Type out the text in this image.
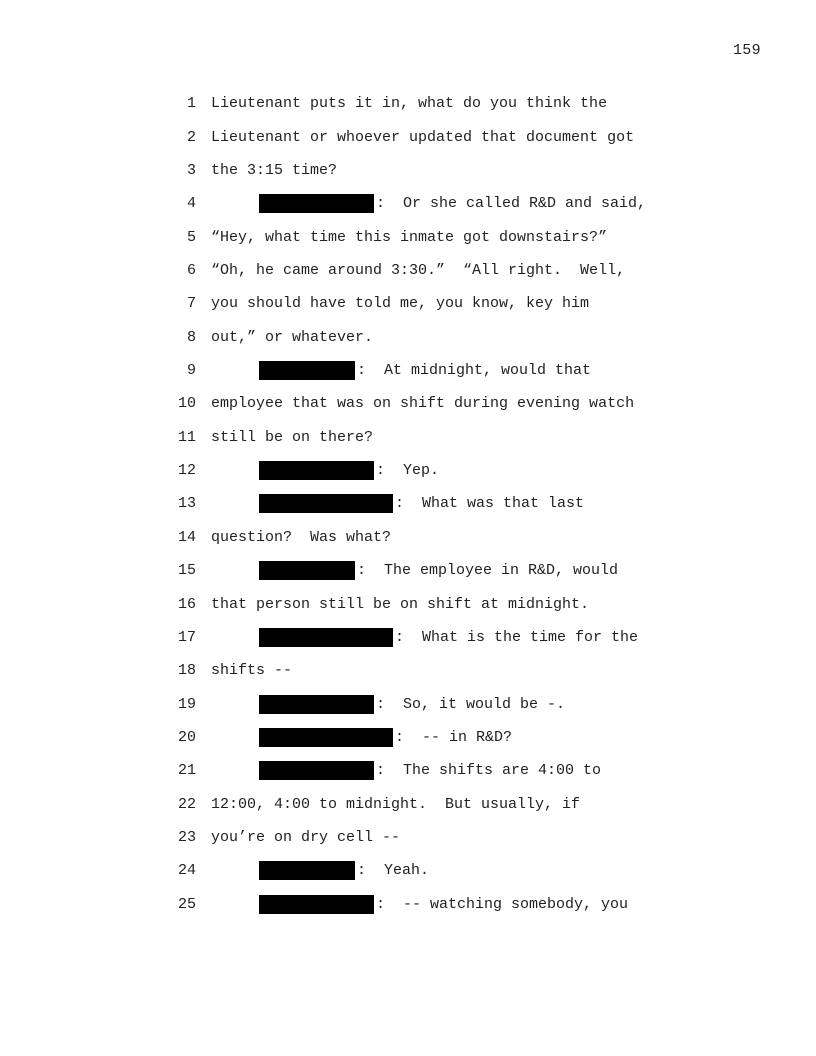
159
1 Lieutenant puts it in, what do you think the
2 Lieutenant or whoever updated that document got
3 the 3:15 time?
4	:  Or she called R&D and said,
5 “Hey, what time this inmate got downstairs?”
6 “Oh, he came around 3:30.”  “All right.  Well,
7 you should have told me, you know, key him
8 out,” or whatever.
9	:  At midnight, would that
10 employee that was on shift during evening watch
11 still be on there?
12	:  Yep.
13	:  What was that last
14 question?  Was what?
15	:  The employee in R&D, would
16 that person still be on shift at midnight.
17	:  What is the time for the
18 shifts --
19	:  So, it would be -.
20	:  -- in R&D?
21	:  The shifts are 4:00 to
22 12:00, 4:00 to midnight.  But usually, if
23 you’re on dry cell --
24	:  Yeah.
25	:  -- watching somebody, you
